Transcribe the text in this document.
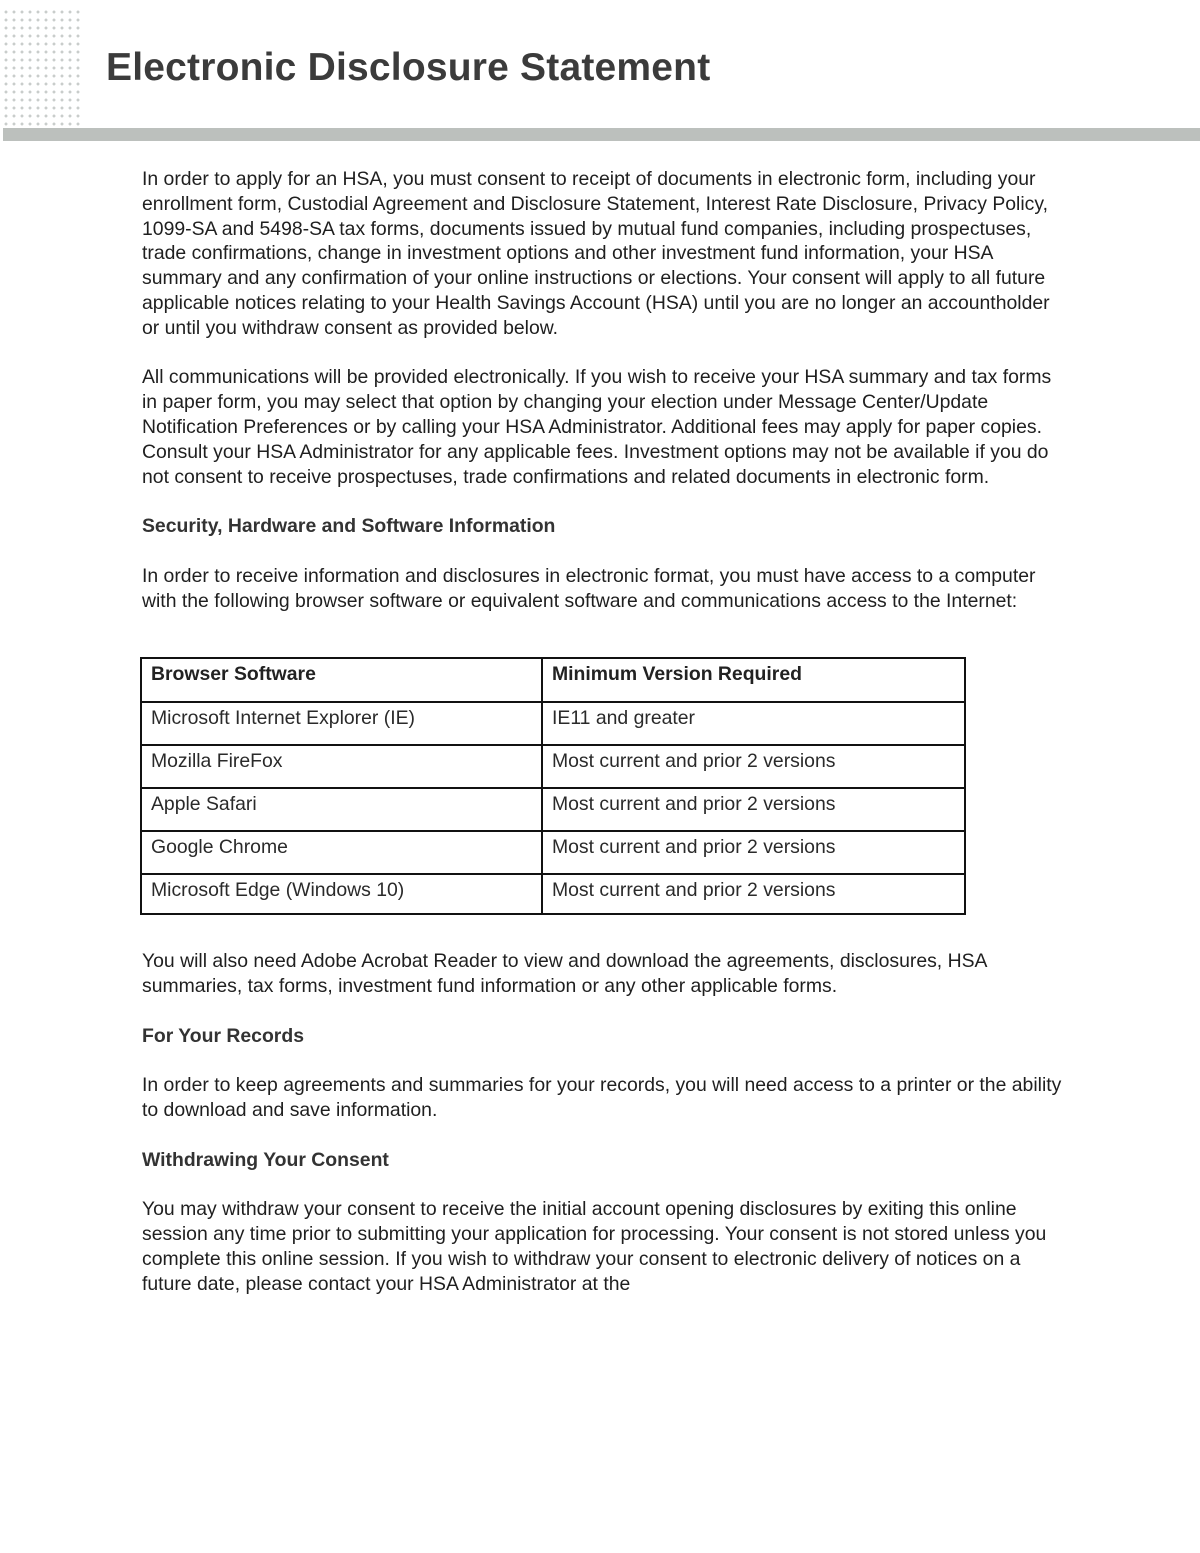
Electronic Disclosure Statement

In order to apply for an HSA, you must consent to receipt of documents in electronic form, including your enrollment form, Custodial Agreement and Disclosure Statement, Interest Rate Disclosure, Privacy Policy, 1099-SA and 5498-SA tax forms, documents issued by mutual fund companies, including prospectuses, trade confirmations, change in investment options and other investment fund information, your HSA summary and any confirmation of your online instructions or elections. Your consent will apply to all future applicable notices relating to your Health Savings Account (HSA) until you are no longer an accountholder or until you withdraw consent as provided below.

All communications will be provided electronically. If you wish to receive your HSA summary and tax forms in paper form, you may select that option by changing your election under Message Center/Update Notification Preferences or by calling your HSA Administrator. Additional fees may apply for paper copies. Consult your HSA Administrator for any applicable fees. Investment options may not be available if you do not consent to receive prospectuses, trade confirmations and related documents in electronic form.

Security, Hardware and Software Information

In order to receive information and disclosures in electronic format, you must have access to a computer with the following browser software or equivalent software and communications access to the Internet:

Browser Software	Minimum Version Required
Microsoft Internet Explorer (IE)	IE11 and greater
Mozilla FireFox	Most current and prior 2 versions
Apple Safari	Most current and prior 2 versions
Google Chrome	Most current and prior 2 versions
Microsoft Edge (Windows 10)	Most current and prior 2 versions

You will also need Adobe Acrobat Reader to view and download the agreements, disclosures, HSA summaries, tax forms, investment fund information or any other applicable forms.

For Your Records

In order to keep agreements and summaries for your records, you will need access to a printer or the ability to download and save information.

Withdrawing Your Consent

You may withdraw your consent to receive the initial account opening disclosures by exiting this online session any time prior to submitting your application for processing. Your consent is not stored unless you complete this online session. If you wish to withdraw your consent to electronic delivery of notices on a future date, please contact your HSA Administrator at the
